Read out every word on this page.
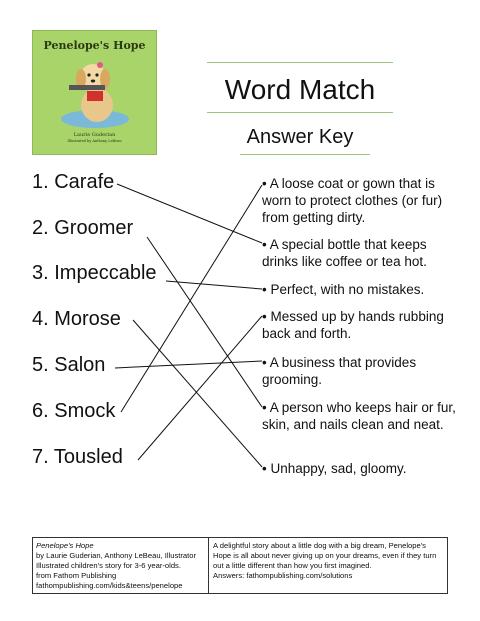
Penelope's Hope
Laurie Guderian
Illustrated by Anthony LeBeau
Word Match
Answer Key
1. Carafe
2. Groomer
3. Impeccable
4. Morose
5. Salon
6. Smock
7. Tousled
• A loose coat or gown that is worn to protect clothes (or fur) from getting dirty.
• A special bottle that keeps drinks like coffee or tea hot.
• Perfect, with no mistakes.
• Messed up by hands rubbing back and forth.
• A business that provides grooming.
• A person who keeps hair or fur, skin, and nails clean and neat.
• Unhappy, sad, gloomy.
Penelope's Hope
by Laurie Guderian, Anthony LeBeau, Illustrator
Illustrated children's story for 3-6 year-olds.
from Fathom Publishing
fathompublishing.com/kids&teens/penelope
A delightful story about a little dog with a big dream, Penelope's Hope is all about never giving up on your dreams, even if they turn out a little different than how you first imagined.
Answers: fathompublishing.com/solutions
